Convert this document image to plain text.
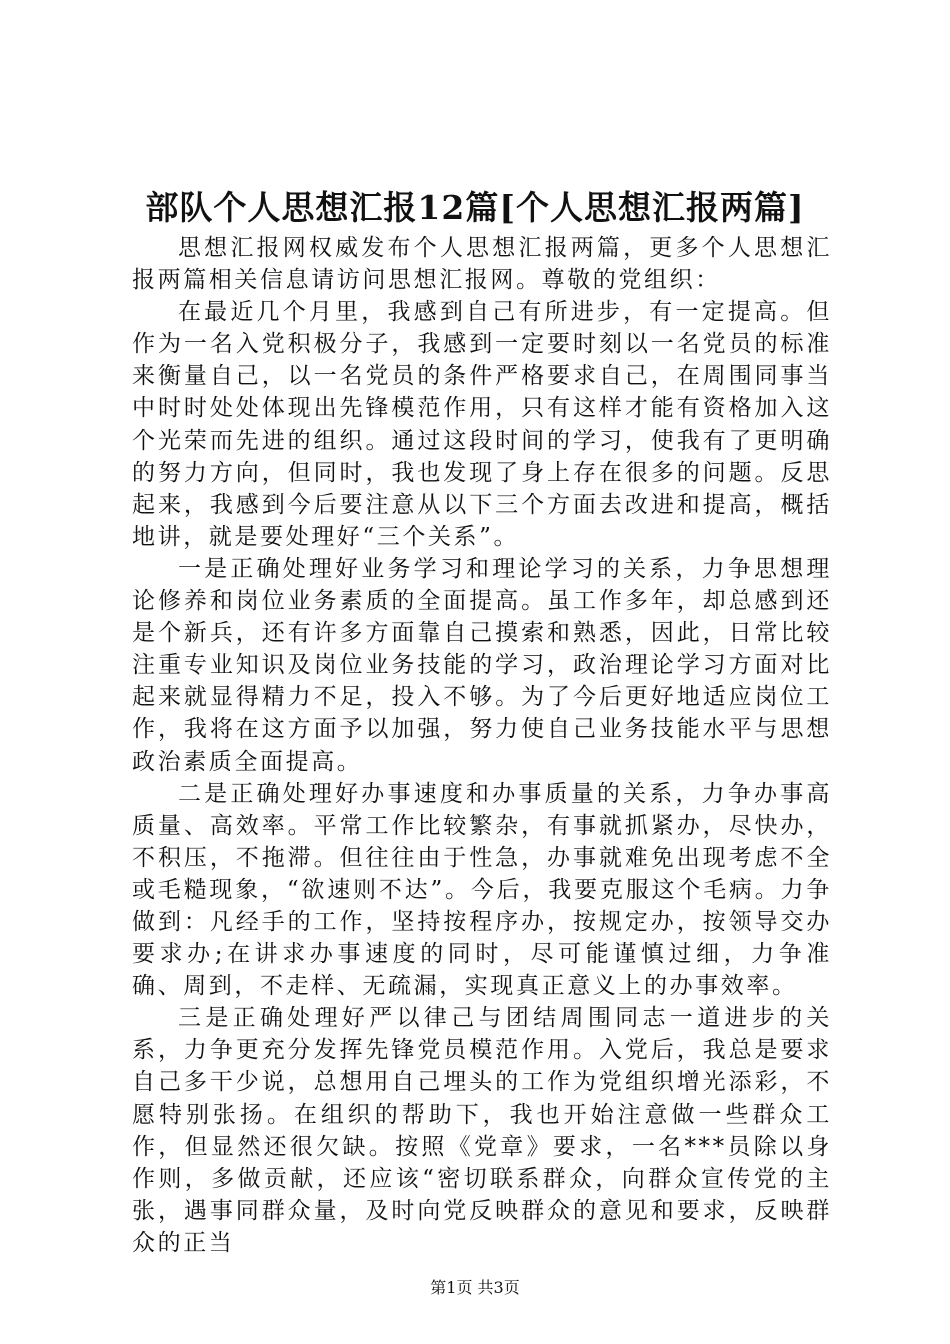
部队个人思想汇报12篇[个人思想汇报两篇]

思想汇报网权威发布个人思想汇报两篇，更多个人思想汇报两篇相关信息请访问思想汇报网。尊敬的党组织：

在最近几个月里，我感到自己有所进步，有一定提高。但作为一名入党积极分子，我感到一定要时刻以一名党员的标准来衡量自己，以一名党员的条件严格要求自己，在周围同事当中时时处处体现出先锋模范作用，只有这样才能有资格加入这个光荣而先进的组织。通过这段时间的学习，使我有了更明确的努力方向，但同时，我也发现了身上存在很多的问题。反思起来，我感到今后要注意从以下三个方面去改进和提高，概括地讲，就是要处理好“三个关系”。

一是正确处理好业务学习和理论学习的关系，力争思想理论修养和岗位业务素质的全面提高。虽工作多年，却总感到还是个新兵，还有许多方面靠自己摸索和熟悉，因此，日常比较注重专业知识及岗位业务技能的学习，政治理论学习方面对比起来就显得精力不足，投入不够。为了今后更好地适应岗位工作，我将在这方面予以加强，努力使自己业务技能水平与思想政治素质全面提高。

二是正确处理好办事速度和办事质量的关系，力争办事高质量、高效率。平常工作比较繁杂，有事就抓紧办，尽快办，不积压，不拖滞。但往往由于性急，办事就难免出现考虑不全或毛糙现象，“欲速则不达”。今后，我要克服这个毛病。力争做到：凡经手的工作，坚持按程序办，按规定办，按领导交办要求办;在讲求办事速度的同时，尽可能谨慎过细，力争准确、周到，不走样、无疏漏，实现真正意义上的办事效率。

三是正确处理好严以律己与团结周围同志一道进步的关系，力争更充分发挥先锋党员模范作用。入党后，我总是要求自己多干少说，总想用自己埋头的工作为党组织增光添彩，不愿特别张扬。在组织的帮助下，我也开始注意做一些群众工作，但显然还很欠缺。按照《党章》要求，一名***员除以身作则，多做贡献，还应该“密切联系群众，向群众宣传党的主张，遇事同群众量，及时向党反映群众的意见和要求，反映群众的正当

第1页 共3页
